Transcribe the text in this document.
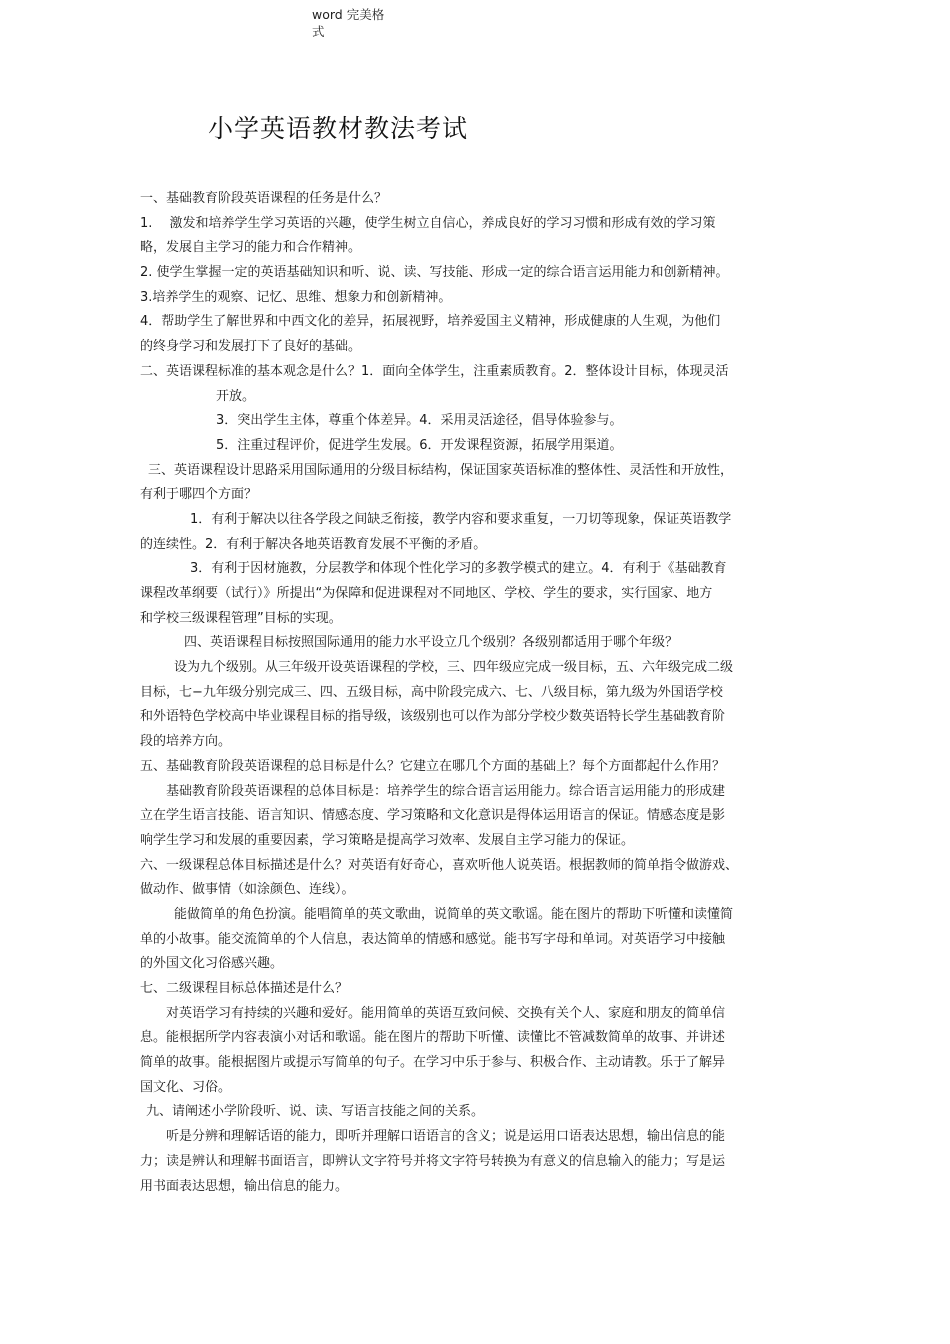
word 完美格
式
小学英语教材教法考试
一、基础教育阶段英语课程的任务是什么？
1.　 激发和培养学生学习英语的兴趣，使学生树立自信心，养成良好的学习习惯和形成有效的学习策
略，发展自主学习的能力和合作精神。
2. 使学生掌握一定的英语基础知识和听、说、读、写技能、形成一定的综合语言运用能力和创新精神。
3.培养学生的观察、记忆、思维、想象力和创新精神。
4．帮助学生了解世界和中西文化的差异，拓展视野，培养爱国主义精神，形成健康的人生观，为他们
的终身学习和发展打下了良好的基础。
二、英语课程标准的基本观念是什么？1．面向全体学生，注重素质教育。2．整体设计目标，体现灵活
开放。
3．突出学生主体，尊重个体差异。4．采用灵活途径，倡导体验参与。
5．注重过程评价，促进学生发展。6．开发课程资源，拓展学用渠道。
三、英语课程设计思路采用国际通用的分级目标结构，保证国家英语标准的整体性、灵活性和开放性，
有利于哪四个方面？
1．有利于解决以往各学段之间缺乏衔接，教学内容和要求重复，一刀切等现象，保证英语教学
的连续性。2．有利于解决各地英语教育发展不平衡的矛盾。
3．有利于因材施教，分层教学和体现个性化学习的多教学模式的建立。4．有利于《基础教育
课程改革纲要（试行）》所提出“为保障和促进课程对不同地区、学校、学生的要求，实行国家、地方
和学校三级课程管理”目标的实现。
四、英语课程目标按照国际通用的能力水平设立几个级别？各级别都适用于哪个年级？
设为九个级别。从三年级开设英语课程的学校，三、四年级应完成一级目标，五、六年级完成二级
目标，七−九年级分别完成三、四、五级目标，高中阶段完成六、七、八级目标，第九级为外国语学校
和外语特色学校高中毕业课程目标的指导级，该级别也可以作为部分学校少数英语特长学生基础教育阶
段的培养方向。
五、基础教育阶段英语课程的总目标是什么？它建立在哪几个方面的基础上？每个方面都起什么作用？
基础教育阶段英语课程的总体目标是：培养学生的综合语言运用能力。综合语言运用能力的形成建
立在学生语言技能、语言知识、情感态度、学习策略和文化意识是得体运用语言的保证。情感态度是影
响学生学习和发展的重要因素，学习策略是提高学习效率、发展自主学习能力的保证。
六、一级课程总体目标描述是什么？对英语有好奇心，喜欢听他人说英语。根据教师的简单指令做游戏、
做动作、做事情（如涂颜色、连线）。
能做简单的角色扮演。能唱简单的英文歌曲，说简单的英文歌谣。能在图片的帮助下听懂和读懂简
单的小故事。能交流简单的个人信息，表达简单的情感和感觉。能书写字母和单词。对英语学习中接触
的外国文化习俗感兴趣。
七、二级课程目标总体描述是什么？
对英语学习有持续的兴趣和爱好。能用简单的英语互致问候、交换有关个人、家庭和朋友的简单信
息。能根据所学内容表演小对话和歌谣。能在图片的帮助下听懂、读懂比不管减数简单的故事、并讲述
简单的故事。能根据图片或提示写简单的句子。在学习中乐于参与、积极合作、主动请教。乐于了解异
国文化、习俗。
九、请阐述小学阶段听、说、读、写语言技能之间的关系。
听是分辨和理解话语的能力，即听并理解口语语言的含义；说是运用口语表达思想，输出信息的能
力；读是辨认和理解书面语言，即辨认文字符号并将文字符号转换为有意义的信息输入的能力；写是运
用书面表达思想，输出信息的能力。
